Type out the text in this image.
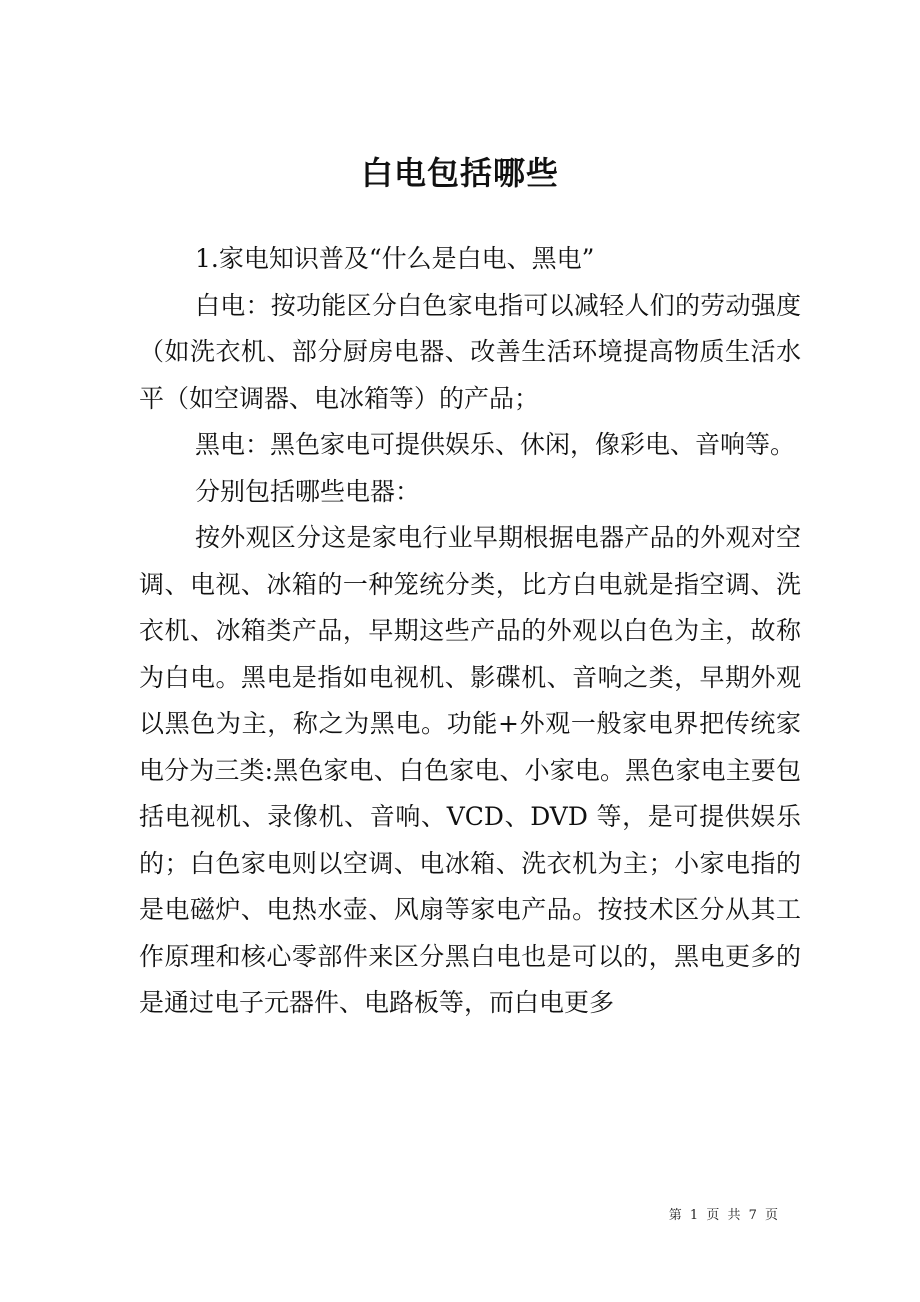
白电包括哪些

1.家电知识普及“什么是白电、黑电”

白电：按功能区分白色家电指可以减轻人们的劳动强度（如洗衣机、部分厨房电器、改善生活环境提高物质生活水平（如空调器、电冰箱等）的产品；

黑电：黑色家电可提供娱乐、休闲，像彩电、音响等。

分别包括哪些电器：

按外观区分这是家电行业早期根据电器产品的外观对空调、电视、冰箱的一种笼统分类，比方白电就是指空调、洗衣机、冰箱类产品，早期这些产品的外观以白色为主，故称为白电。黑电是指如电视机、影碟机、音响之类，早期外观以黑色为主，称之为黑电。功能+外观一般家电界把传统家电分为三类:黑色家电、白色家电、小家电。黑色家电主要包括电视机、录像机、音响、VCD、DVD 等，是可提供娱乐的；白色家电则以空调、电冰箱、洗衣机为主；小家电指的是电磁炉、电热水壶、风扇等家电产品。按技术区分从其工作原理和核心零部件来区分黑白电也是可以的，黑电更多的是通过电子元器件、电路板等，而白电更多

第 1 页 共 7 页
